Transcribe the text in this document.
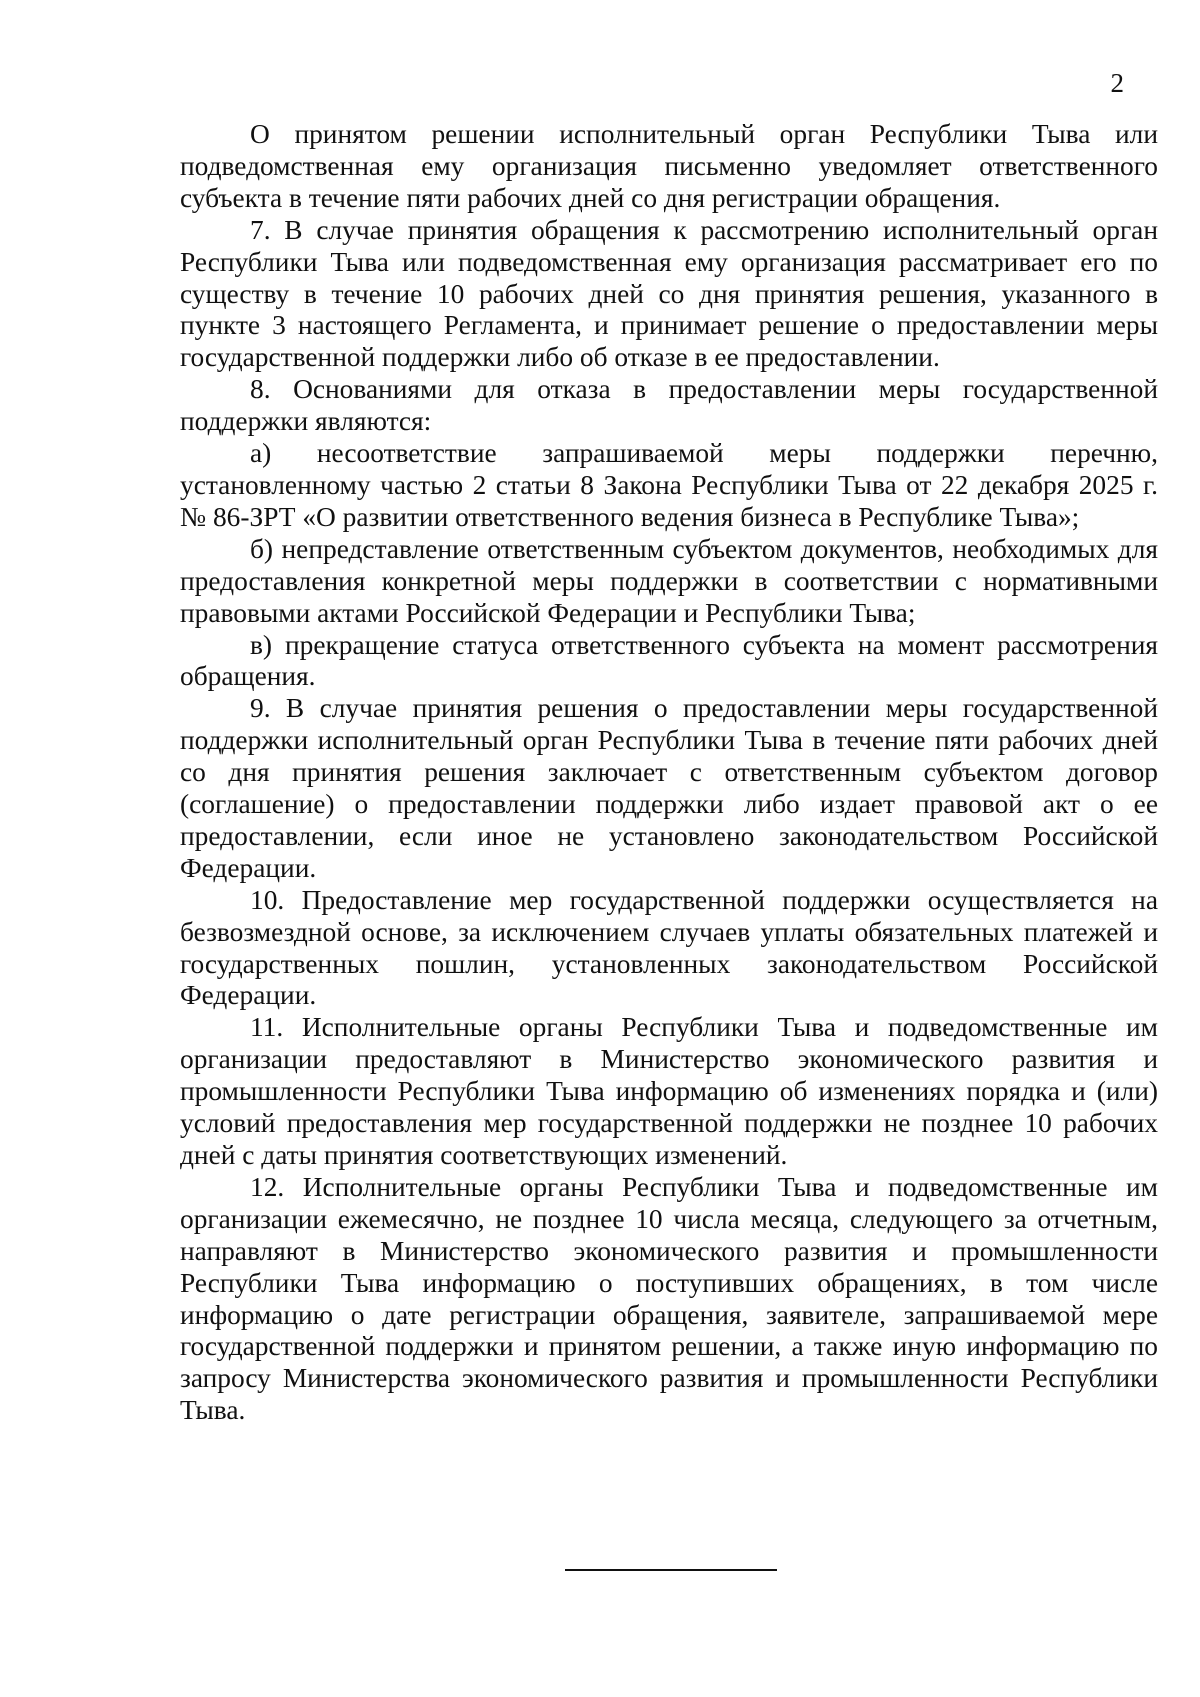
2

О принятом решении исполнительный орган Республики Тыва или подведомственная ему организация письменно уведомляет ответственного субъекта в течение пяти рабочих дней со дня регистрации обращения.

7. В случае принятия обращения к рассмотрению исполнительный орган Республики Тыва или подведомственная ему организация рассматривает его по существу в течение 10 рабочих дней со дня принятия решения, указанного в пункте 3 настоящего Регламента, и принимает решение о предоставлении меры государственной поддержки либо об отказе в ее предоставлении.

8. Основаниями для отказа в предоставлении меры государственной поддержки являются:

а) несоответствие запрашиваемой меры поддержки перечню, установленному частью 2 статьи 8 Закона Республики Тыва от 22 декабря 2025 г. № 86-ЗРТ «О развитии ответственного ведения бизнеса в Республике Тыва»;

б) непредставление ответственным субъектом документов, необходимых для предоставления конкретной меры поддержки в соответствии с нормативными правовыми актами Российской Федерации и Республики Тыва;

в) прекращение статуса ответственного субъекта на момент рассмотрения обращения.

9. В случае принятия решения о предоставлении меры государственной поддержки исполнительный орган Республики Тыва в течение пяти рабочих дней со дня принятия решения заключает с ответственным субъектом договор (соглашение) о предоставлении поддержки либо издает правовой акт о ее предоставлении, если иное не установлено законодательством Российской Федерации.

10. Предоставление мер государственной поддержки осуществляется на безвозмездной основе, за исключением случаев уплаты обязательных платежей и государственных пошлин, установленных законодательством Российской Федерации.

11. Исполнительные органы Республики Тыва и подведомственные им организации предоставляют в Министерство экономического развития и промышленности Республики Тыва информацию об изменениях порядка и (или) условий предоставления мер государственной поддержки не позднее 10 рабочих дней с даты принятия соответствующих изменений.

12. Исполнительные органы Республики Тыва и подведомственные им организации ежемесячно, не позднее 10 числа месяца, следующего за отчетным, направляют в Министерство экономического развития и промышленности Республики Тыва информацию о поступивших обращениях, в том числе информацию о дате регистрации обращения, заявителе, запрашиваемой мере государственной поддержки и принятом решении, а также иную информацию по запросу Министерства экономического развития и промышленности Республики Тыва.
